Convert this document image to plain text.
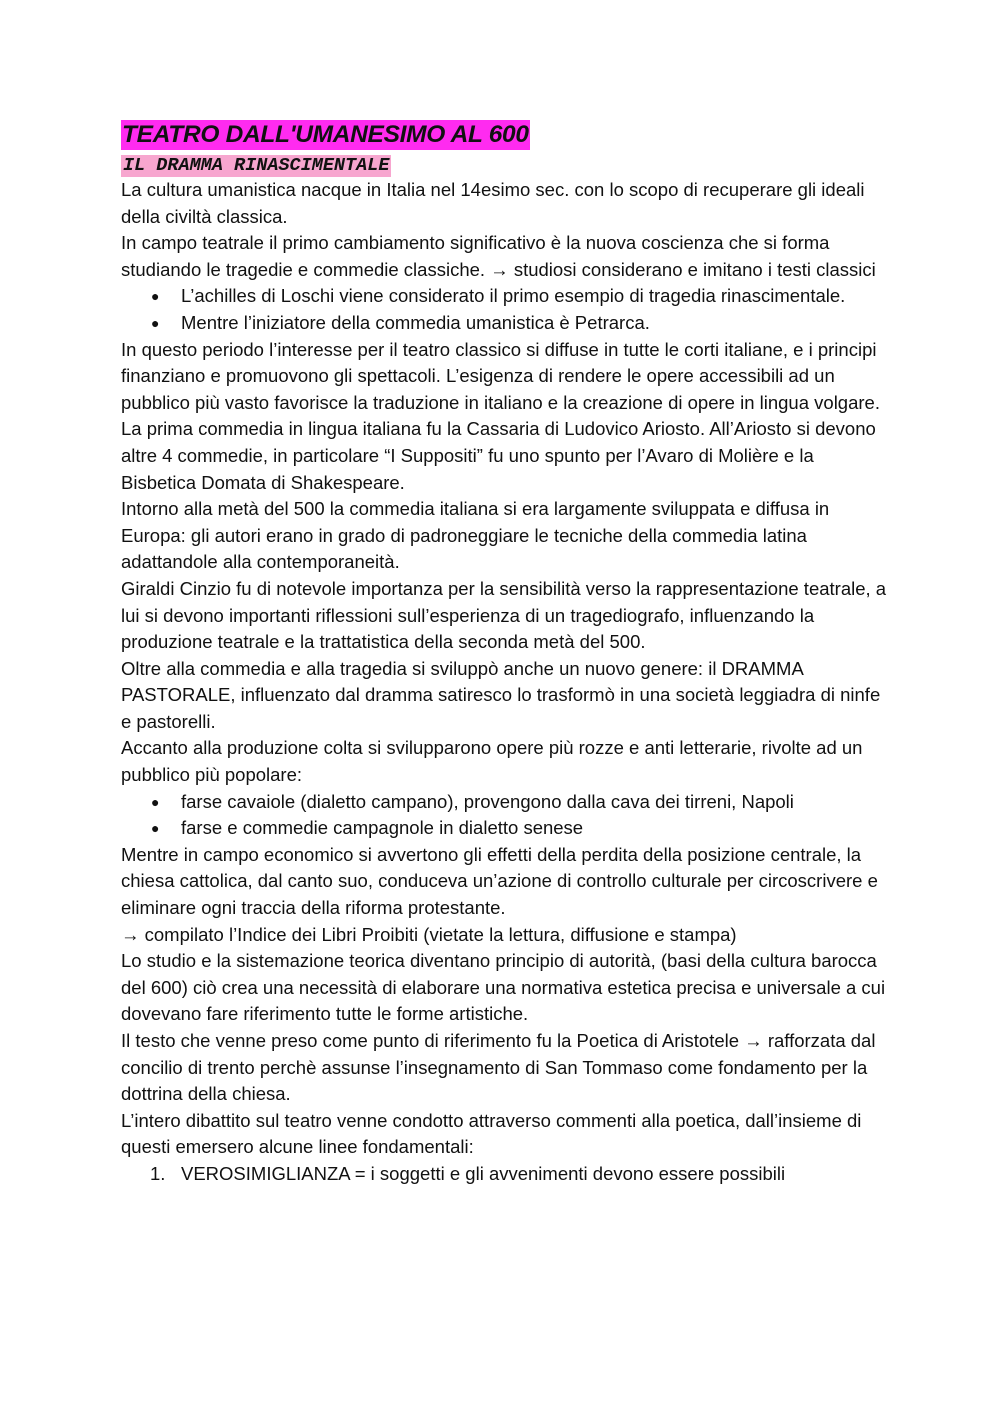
TEATRO DALL'UMANESIMO AL 600
IL DRAMMA RINASCIMENTALE

La cultura umanistica nacque in Italia nel 14esimo sec. con lo scopo di recuperare gli ideali della civiltà classica.

In campo teatrale il primo cambiamento significativo è la nuova coscienza che si forma studiando le tragedie e commedie classiche. → studiosi considerano e imitano i testi classici

●	L’achilles di Loschi viene considerato il primo esempio di tragedia rinascimentale.
●	Mentre l’iniziatore della commedia umanistica è Petrarca.

In questo periodo l’interesse per il teatro classico si diffuse in tutte le corti italiane, e i principi finanziano e promuovono gli spettacoli. L’esigenza di rendere le opere accessibili ad un pubblico più vasto favorisce la traduzione in italiano e la creazione di opere in lingua volgare.

La prima commedia in lingua italiana fu la Cassaria di Ludovico Ariosto. All’Ariosto si devono altre 4 commedie, in particolare “I Suppositi” fu uno spunto per l’Avaro di Molière e la Bisbetica Domata di Shakespeare.

Intorno alla metà del 500 la commedia italiana si era largamente sviluppata e diffusa in Europa: gli autori erano in grado di padroneggiare le tecniche della commedia latina adattandole alla contemporaneità.

Giraldi Cinzio fu di notevole importanza per la sensibilità verso la rappresentazione teatrale, a lui si devono importanti riflessioni sull’esperienza di un tragediografo, influenzando la produzione teatrale e la trattatistica della seconda metà del 500.

Oltre alla commedia e alla tragedia si sviluppò anche un nuovo genere: il DRAMMA PASTORALE, influenzato dal dramma satiresco lo trasformò in una società leggiadra di ninfe e pastorelli.

Accanto alla produzione colta si svilupparono opere più rozze e anti letterarie, rivolte ad un pubblico più popolare:

●	farse cavaiole (dialetto campano), provengono dalla cava dei tirreni, Napoli
●	farse e commedie campagnole in dialetto senese

Mentre in campo economico si avvertono gli effetti della perdita della posizione centrale, la chiesa cattolica, dal canto suo, conduceva un’azione di controllo culturale per circoscrivere e eliminare ogni traccia della riforma protestante.

→ compilato l’Indice dei Libri Proibiti (vietate la lettura, diffusione e stampa)

Lo studio e la sistemazione teorica diventano principio di autorità, (basi della cultura barocca del 600) ciò crea una necessità di elaborare una normativa estetica precisa e universale a cui dovevano fare riferimento tutte le forme artistiche.

Il testo che venne preso come punto di riferimento fu la Poetica di Aristotele → rafforzata dal concilio di trento perchè assunse l’insegnamento di San Tommaso come fondamento per la dottrina della chiesa.

L’intero dibattito sul teatro venne condotto attraverso commenti alla poetica, dall’insieme di questi emersero alcune linee fondamentali:

1. VEROSIMIGLIANZA = i soggetti e gli avvenimenti devono essere possibili
